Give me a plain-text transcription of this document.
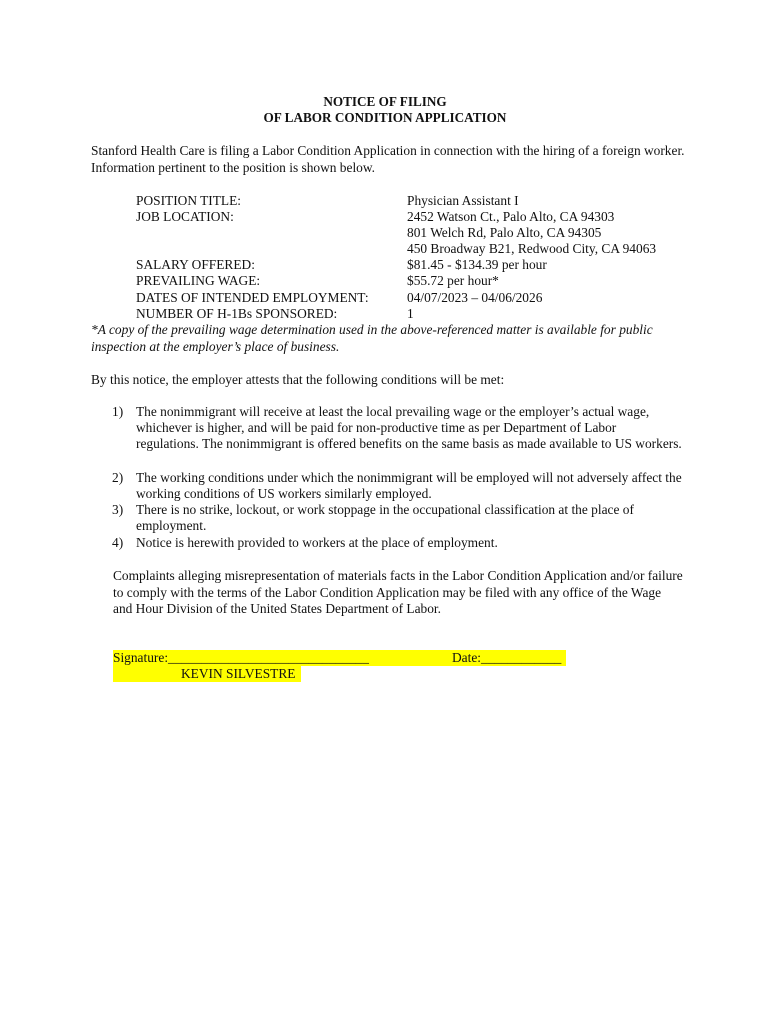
NOTICE OF FILING
OF LABOR CONDITION APPLICATION
Stanford Health Care is filing a Labor Condition Application in connection with the hiring of a foreign worker. Information pertinent to the position is shown below.
POSITION TITLE:	Physician Assistant I
JOB LOCATION:	2452 Watson Ct., Palo Alto, CA 94303
801 Welch Rd, Palo Alto, CA 94305
450 Broadway B21, Redwood City, CA 94063
SALARY OFFERED:	$81.45 - $134.39 per hour
PREVAILING WAGE:	$55.72 per hour*
DATES OF INTENDED EMPLOYMENT:	04/07/2023 – 04/06/2026
NUMBER OF H-1Bs SPONSORED:	1
*A copy of the prevailing wage determination used in the above-referenced matter is available for public inspection at the employer’s place of business.
By this notice, the employer attests that the following conditions will be met:
1) The nonimmigrant will receive at least the local prevailing wage or the employer’s actual wage, whichever is higher, and will be paid for non-productive time as per Department of Labor regulations. The nonimmigrant is offered benefits on the same basis as made available to US workers.
2) The working conditions under which the nonimmigrant will be employed will not adversely affect the working conditions of US workers similarly employed.
3) There is no strike, lockout, or work stoppage in the occupational classification at the place of employment.
4) Notice is herewith provided to workers at the place of employment.
Complaints alleging misrepresentation of materials facts in the Labor Condition Application and/or failure to comply with the terms of the Labor Condition Application may be filed with any office of the Wage and Hour Division of the United States Department of Labor.
Signature:______________________________	Date:____________
KEVIN SILVESTRE
